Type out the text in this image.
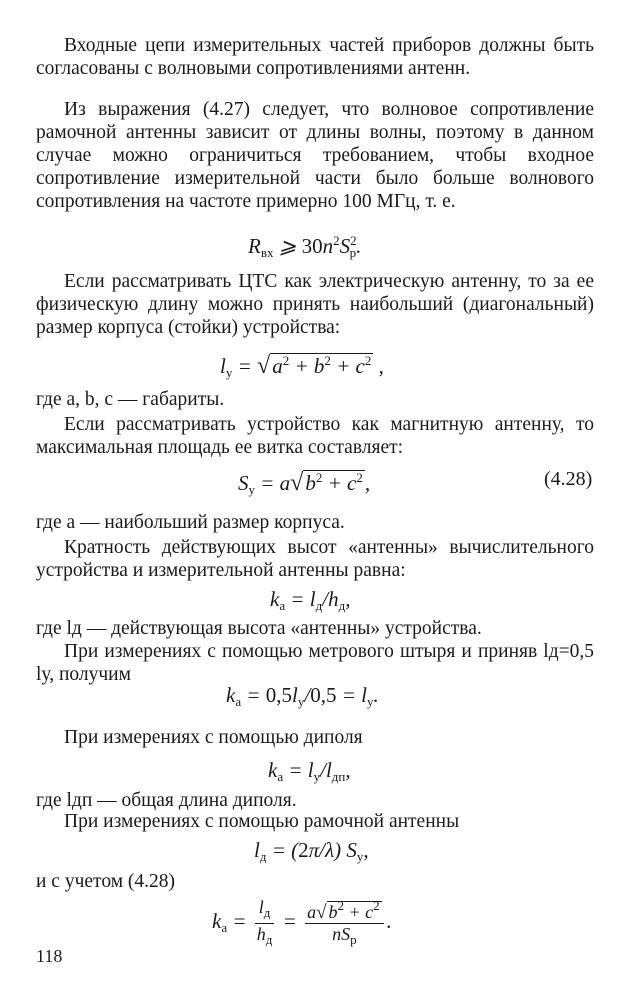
Входные цепи измерительных частей приборов должны быть согласованы с волновыми сопротивлениями антенн.

Из выражения (4.27) следует, что волновое сопротивление рамочной антенны зависит от длины волны, поэтому в данном случае можно ограничиться требованием, чтобы входное сопротивление измерительной части было больше волнового сопротивления на частоте примерно 100 МГц, т. е.

$R_{вх}$ ⩾ $30n^2S^2_р$.

Если рассматривать ЦТС как электрическую антенну, то за ее физическую длину можно принять наибольший (диагональный) размер корпуса (стойки) устройства:

$l_у = √a^2 + b^2 + c^2$ ,

где a, b, c — габариты.

Если рассматривать устройство как магнитную антенну, то максимальная площадь ее витка составляет:

$S_у = a√b^2 + c^2$,	(4.28)

где a — наибольший размер корпуса.

Кратность действующих высот «антенны» вычислительного устройства и измерительной антенны равна:

$k_a = l_д/h_д$,

где lд — действующая высота «антенны» устройства.

При измерениях с помощью метрового штыря и приняв lд=0,5 lу, получим

$k_a = 0,5l_у/0,5 = l_у$.

При измерениях с помощью диполя

$k_a = l_у/l_{дп}$,

где lдп — общая длина диполя.

При измерениях с помощью рамочной антенны

$l_д = (2\pi/\lambda)$ $S_у$,

и с учетом (4.28)

$k_a = \frac{l_д}{h_д} = \frac{a√ b^2 + c^2}{nS_р}$ .
118
